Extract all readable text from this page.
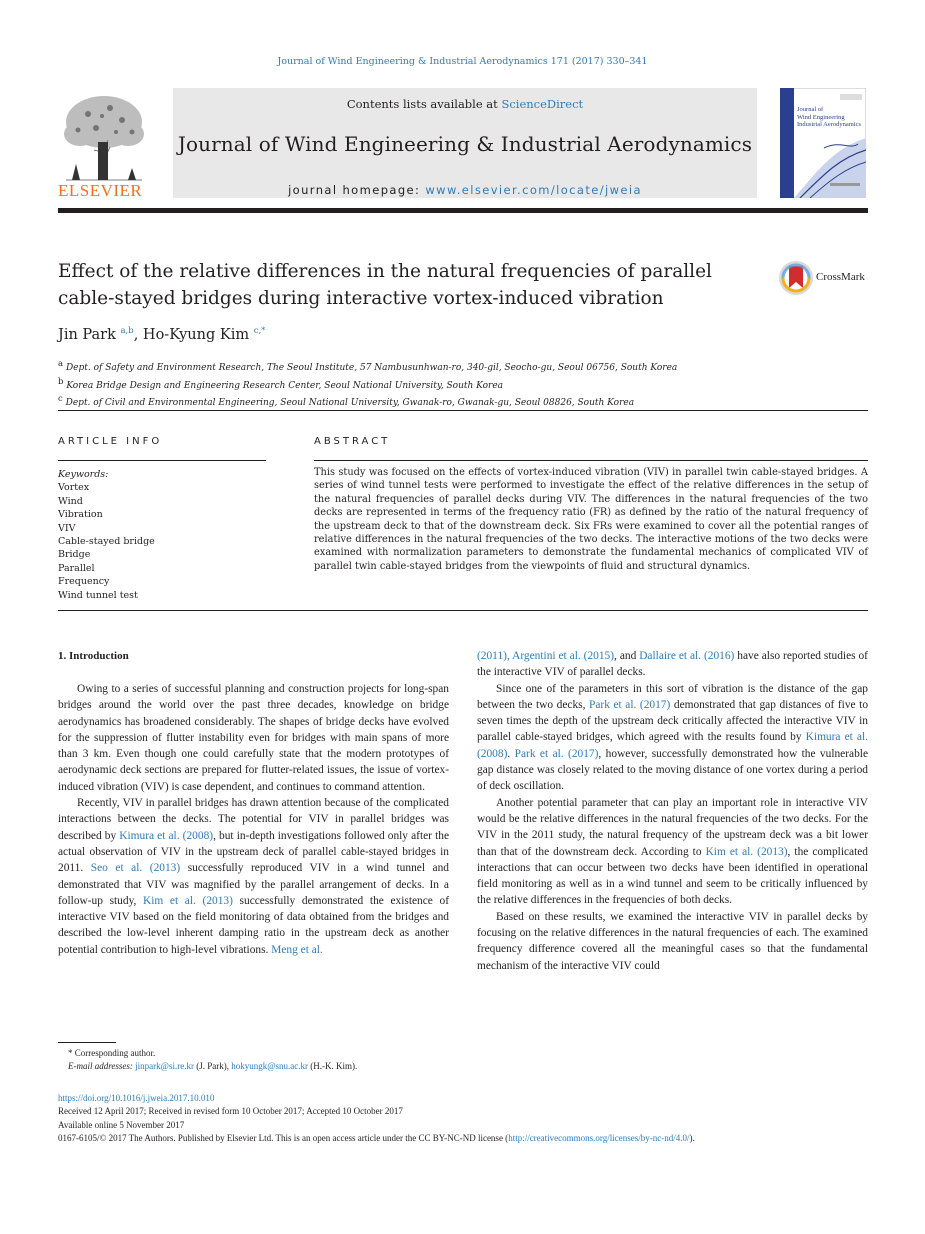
Journal of Wind Engineering & Industrial Aerodynamics 171 (2017) 330–341
ELSEVIER
Contents lists available at ScienceDirect
Journal of Wind Engineering & Industrial Aerodynamics
journal homepage: www.elsevier.com/locate/jweia
Journal of
Wind Engineering
Industrial Aerodynamics
Effect of the relative differences in the natural frequencies of parallel
cable-stayed bridges during interactive vortex-induced vibration
CrossMark
Jin Park $^{a,b}$, Ho-Kyung Kim $^{c,*}$
$^a$ Dept. of Safety and Environment Research, The Seoul Institute, 57 Nambusunhwan-ro, 340-gil, Seocho-gu, Seoul 06756, South Korea
$^b$ Korea Bridge Design and Engineering Research Center, Seoul National University, South Korea
$^c$ Dept. of Civil and Environmental Engineering, Seoul National University, Gwanak-ro, Gwanak-gu, Seoul 08826, South Korea
ARTICLE INFO	ABSTRACT
Keywords:
Vortex
Wind
Vibration
VIV
Cable-stayed bridge
Bridge
Parallel
Frequency
Wind tunnel test
This study was focused on the effects of vortex-induced vibration (VIV) in parallel twin cable-stayed bridges. A series of wind tunnel tests were performed to investigate the effect of the relative differences in the setup of the natural frequencies of parallel decks during VIV. The differences in the natural frequencies of the two decks are represented in terms of the frequency ratio (FR) as defined by the ratio of the natural frequency of the upstream deck to that of the downstream deck. Six FRs were examined to cover all the potential ranges of relative differences in the natural frequencies of the two decks. The interactive motions of the two decks were examined with normalization parameters to demonstrate the fundamental mechanics of complicated VIV of parallel twin cable-stayed bridges from the viewpoints of fluid and structural dynamics.
1. Introduction

Owing to a series of successful planning and construction projects for long-span bridges around the world over the past three decades, knowledge on bridge aerodynamics has broadened considerably. The shapes of bridge decks have evolved for the suppression of flutter instability even for bridges with main spans of more than 3 km. Even though one could carefully state that the modern prototypes of aerodynamic deck sections are prepared for flutter-related issues, the issue of vortex-induced vibration (VIV) is case dependent, and continues to command attention.

Recently, VIV in parallel bridges has drawn attention because of the complicated interactions between the decks. The potential for VIV in parallel bridges was described by Kimura et al. (2008), but in-depth investigations followed only after the actual observation of VIV in the upstream deck of parallel cable-stayed bridges in 2011. Seo et al. (2013) successfully reproduced VIV in a wind tunnel and demonstrated that VIV was magnified by the parallel arrangement of decks. In a follow-up study, Kim et al. (2013) successfully demonstrated the existence of interactive VIV based on the field monitoring of data obtained from the bridges and described the low-level inherent damping ratio in the upstream deck as another potential contribution to high-level vibrations. Meng et al.

(2011), Argentini et al. (2015), and Dallaire et al. (2016) have also reported studies of the interactive VIV of parallel decks.

Since one of the parameters in this sort of vibration is the distance of the gap between the two decks, Park et al. (2017) demonstrated that gap distances of five to seven times the depth of the upstream deck critically affected the interactive VIV in parallel cable-stayed bridges, which agreed with the results found by Kimura et al. (2008). Park et al. (2017), however, successfully demonstrated how the vulnerable gap distance was closely related to the moving distance of one vortex during a period of deck oscillation.

Another potential parameter that can play an important role in interactive VIV would be the relative differences in the natural frequencies of the two decks. For the VIV in the 2011 study, the natural frequency of the upstream deck was a bit lower than that of the downstream deck. According to Kim et al. (2013), the complicated interactions that can occur between two decks have been identified in operational field monitoring as well as in a wind tunnel and seem to be critically influenced by the relative differences in the frequencies of both decks.

Based on these results, we examined the interactive VIV in parallel decks by focusing on the relative differences in the natural frequencies of each. The examined frequency difference covered all the meaningful cases so that the fundamental mechanism of the interactive VIV could

* Corresponding author.
E-mail addresses: jinpark@si.re.kr (J. Park), hokyungk@snu.ac.kr (H.-K. Kim).
https://doi.org/10.1016/j.jweia.2017.10.010
Received 12 April 2017; Received in revised form 10 October 2017; Accepted 10 October 2017
Available online 5 November 2017
0167-6105/© 2017 The Authors. Published by Elsevier Ltd. This is an open access article under the CC BY-NC-ND license (http://creativecommons.org/licenses/by-nc-nd/4.0/).
